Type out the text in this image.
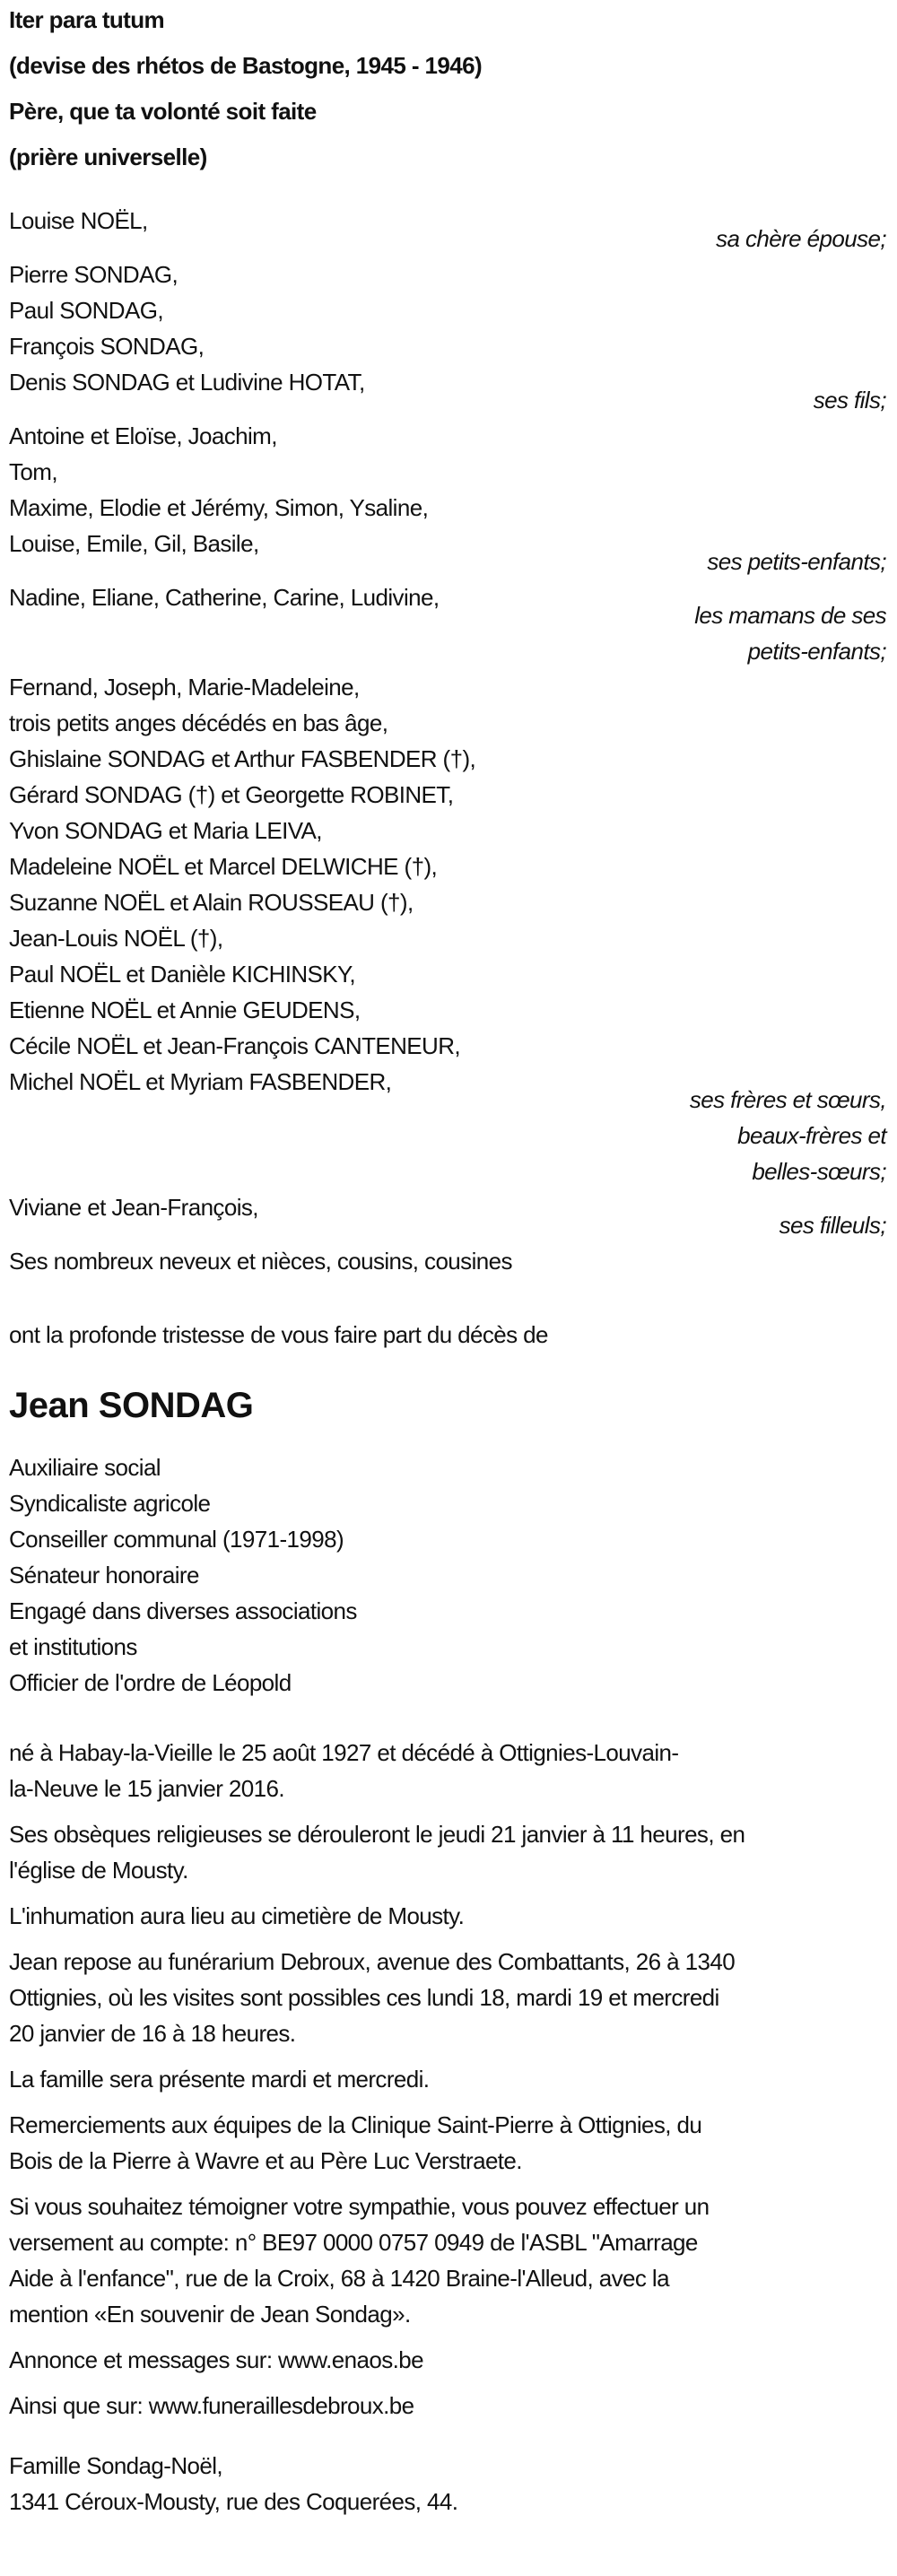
Iter para tutum
(devise des rhétos de Bastogne, 1945 - 1946)
Père, que ta volonté soit faite
(prière universelle)
Louise NOËL,
sa chère épouse;
Pierre SONDAG,
Paul SONDAG,
François SONDAG,
Denis SONDAG et Ludivine HOTAT,
ses fils;
Antoine et Eloïse, Joachim,
Tom,
Maxime, Elodie et Jérémy, Simon, Ysaline,
Louise, Emile, Gil, Basile,
ses petits-enfants;
Nadine, Eliane, Catherine, Carine, Ludivine,
les mamans de ses
petits-enfants;
Fernand, Joseph, Marie-Madeleine,
trois petits anges décédés en bas âge,
Ghislaine SONDAG et Arthur FASBENDER (†),
Gérard SONDAG (†) et Georgette ROBINET,
Yvon SONDAG et Maria LEIVA,
Madeleine NOËL et Marcel DELWICHE (†),
Suzanne NOËL et Alain ROUSSEAU (†),
Jean-Louis NOËL (†),
Paul NOËL et Danièle KICHINSKY,
Etienne NOËL et Annie GEUDENS,
Cécile NOËL et Jean-François CANTENEUR,
Michel NOËL et Myriam FASBENDER,
ses frères et sœurs,
beaux-frères et
belles-sœurs;
Viviane et Jean-François,
ses filleuls;
Ses nombreux neveux et nièces, cousins, cousines
ont la profonde tristesse de vous faire part du décès de
Jean SONDAG
Auxiliaire social
Syndicaliste agricole
Conseiller communal (1971-1998)
Sénateur honoraire
Engagé dans diverses associations
et institutions
Officier de l'ordre de Léopold
né à Habay-la-Vieille le 25 août 1927 et décédé à Ottignies-Louvain-
la-Neuve le 15 janvier 2016.
Ses obsèques religieuses se dérouleront le jeudi 21 janvier à 11 heures, en
l'église de Mousty.
L'inhumation aura lieu au cimetière de Mousty.
Jean repose au funérarium Debroux, avenue des Combattants, 26 à 1340
Ottignies, où les visites sont possibles ces lundi 18, mardi 19 et mercredi
20 janvier de 16 à 18 heures.
La famille sera présente mardi et mercredi.
Remerciements aux équipes de la Clinique Saint-Pierre à Ottignies, du
Bois de la Pierre à Wavre et au Père Luc Verstraete.
Si vous souhaitez témoigner votre sympathie, vous pouvez effectuer un
versement au compte: n° BE97 0000 0757 0949 de l'ASBL "Amarrage
Aide à l'enfance", rue de la Croix, 68 à 1420 Braine-l'Alleud, avec la
mention «En souvenir de Jean Sondag».
Annonce et messages sur: www.enaos.be
Ainsi que sur: www.funeraillesdebroux.be
Famille Sondag-Noël,
1341 Céroux-Mousty, rue des Coquerées, 44.
